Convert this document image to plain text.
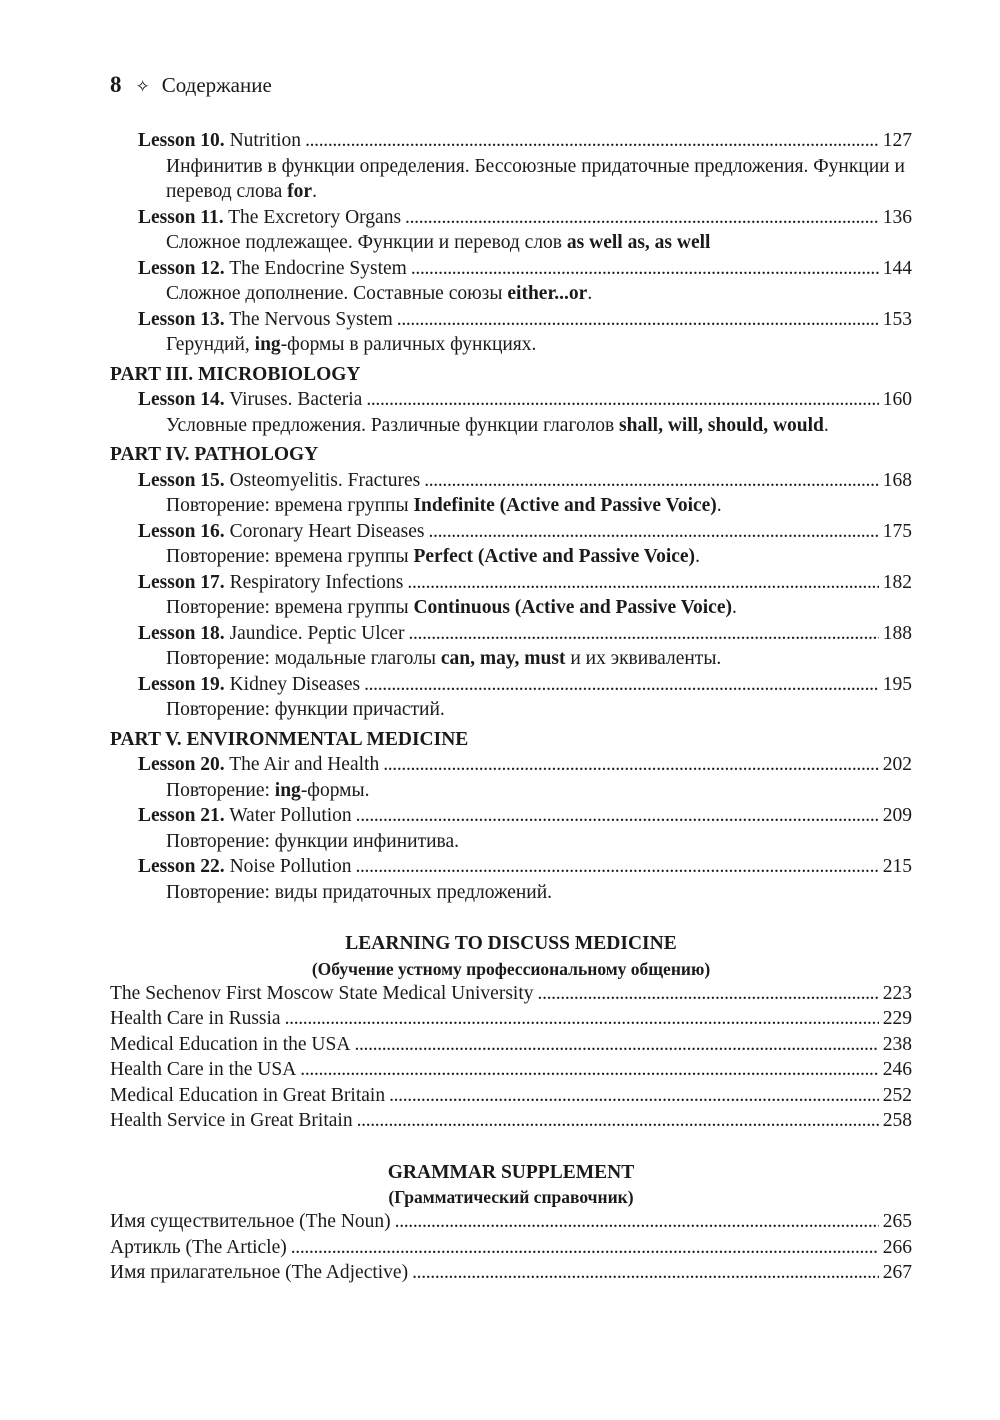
8 ✧ Содержание
Lesson 10. Nutrition . . .	127
Инфинитив в функции определения. Бессоюзные придаточные предложения. Функции и перевод слова for.
Lesson 11. The Excretory Organs . . .	136
Сложное подлежащее. Функции и перевод слов as well as, as well
Lesson 12. The Endocrine System . . .	144
Сложное дополнение. Составные союзы either...or.
Lesson 13. The Nervous System . . .	153
Герундий, ing-формы в раличных функциях.
PART III. MICROBIOLOGY
Lesson 14. Viruses. Bacteria . . .	160
Условные предложения. Различные функции глаголов shall, will, should, would.
PART IV. PATHOLOGY
Lesson 15. Osteomyelitis. Fractures . . .	168
Повторение: времена группы Indefinite (Active and Passive Voice).
Lesson 16. Coronary Heart Diseases . . .	175
Повторение: времена группы Perfect (Active and Passive Voice).
Lesson 17. Respiratory Infections . . .	182
Повторение: времена группы Continuous (Active and Passive Voice).
Lesson 18. Jaundice. Peptic Ulcer . . .	188
Повторение: модальные глаголы can, may, must и их эквиваленты.
Lesson 19. Kidney Diseases . . .	195
Повторение: функции причастий.
PART V. ENVIRONMENTAL MEDICINE
Lesson 20. The Air and Health . . .	202
Повторение: ing-формы.
Lesson 21. Water Pollution . . .	209
Повторение: функции инфинитива.
Lesson 22. Noise Pollution . . .	215
Повторение: виды придаточных предложений.
LEARNING TO DISCUSS MEDICINE
(Обучение устному профессиональному общению)
The Sechenov First Moscow State Medical University . . .	223
Health Care in Russia . . .	229
Medical Education in the USA . . .	238
Health Care in the USA . . .	246
Medical Education in Great Britain . . .	252
Health Service in Great Britain . . .	258
GRAMMAR SUPPLEMENT
(Грамматический справочник)
Имя существительное (The Noun) . . .	265
Артикль (The Article) . . .	266
Имя прилагательное (The Adjective) . . .	267
